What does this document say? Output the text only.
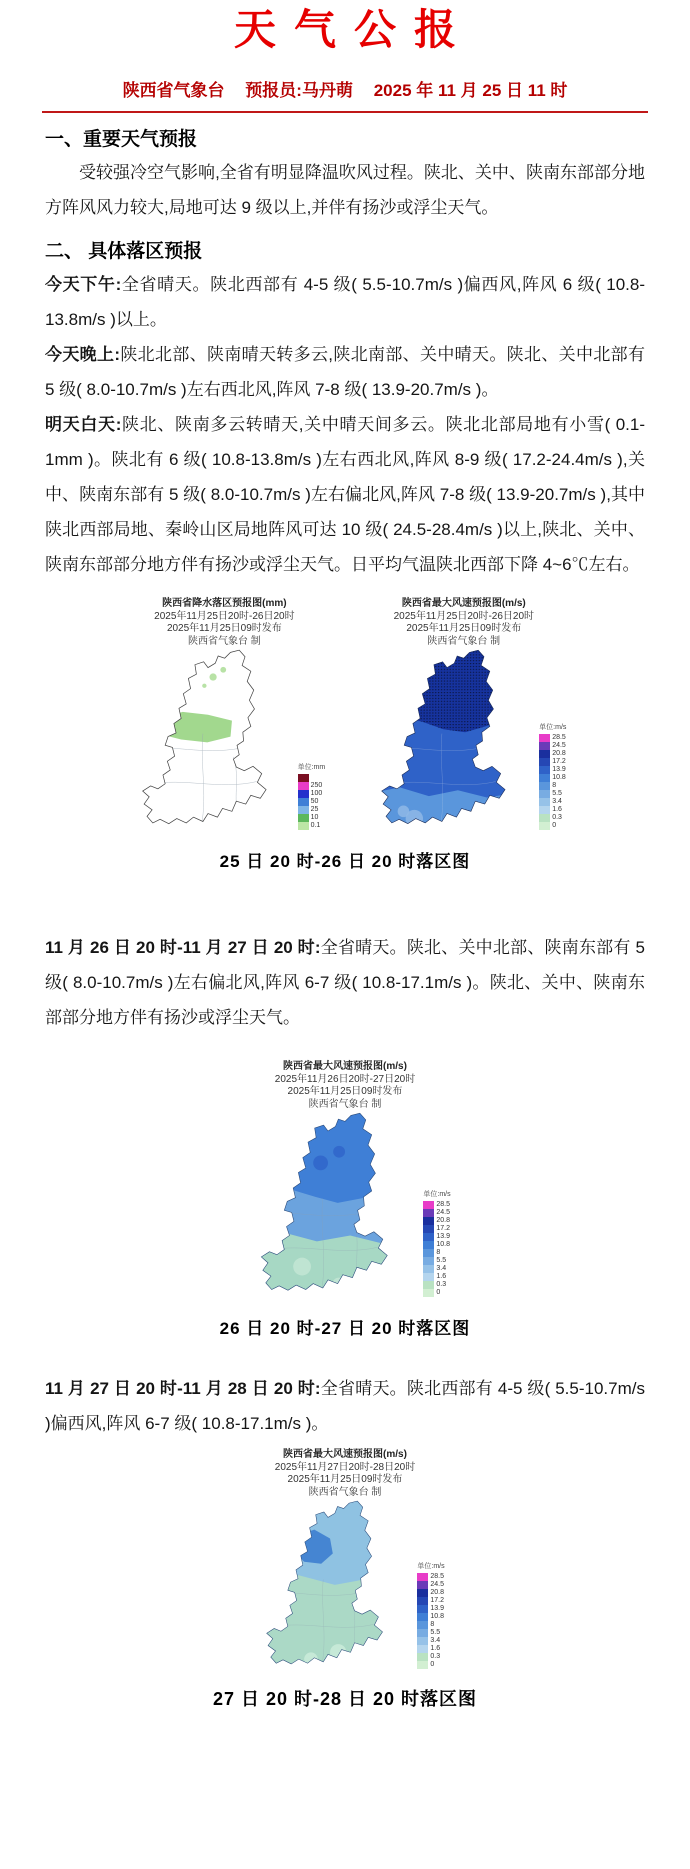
天气公报
陕西省气象台 预报员:马丹萌 2025 年 11 月 25 日 11 时
一、重要天气预报

受较强冷空气影响,全省有明显降温吹风过程。陕北、关中、陕南东部部分地方阵风风力较大,局地可达 9 级以上,并伴有扬沙或浮尘天气。

二、 具体落区预报

今天下午:全省晴天。陕北西部有 4-5 级( 5.5-10.7m/s )偏西风,阵风 6 级( 10.8-13.8m/s )以上。

今天晚上:陕北北部、陕南晴天转多云,陕北南部、关中晴天。陕北、关中北部有 5 级( 8.0-10.7m/s )左右西北风,阵风 7-8 级( 13.9-20.7m/s )。

明天白天:陕北、陕南多云转晴天,关中晴天间多云。陕北北部局地有小雪( 0.1-1mm )。陕北有 6 级( 10.8-13.8m/s )左右西北风,阵风 8-9 级( 17.2-24.4m/s ),关中、陕南东部有 5 级( 8.0-10.7m/s )左右偏北风,阵风 7-8 级( 13.9-20.7m/s ),其中陕北西部局地、秦岭山区局地阵风可达 10 级( 24.5-28.4m/s )以上,陕北、关中、陕南东部部分地方伴有扬沙或浮尘天气。日平均气温陕北西部下降 4~6℃左右。

陕西省降水落区预报图(mm)
2025年11月25日20时-26日20时
2025年11月25日09时发布
陕西省气象台 制
单位:mm
250
100
50
25
10
0.1
陕西省最大风速预报图(m/s)
2025年11月25日20时-26日20时
2025年11月25日09时发布
陕西省气象台 制
单位:m/s
28.5
24.5
20.8
17.2
13.9
10.8
8
5.5
3.4
1.6
0.3
0
25 日 20 时-26 日 20 时落区图

11 月 26 日 20 时-11 月 27 日 20 时:全省晴天。陕北、关中北部、陕南东部有 5 级( 8.0-10.7m/s )左右偏北风,阵风 6-7 级( 10.8-17.1m/s )。陕北、关中、陕南东部部分地方伴有扬沙或浮尘天气。

陕西省最大风速预报图(m/s)
2025年11月26日20时-27日20时
2025年11月25日09时发布
陕西省气象台 制
单位:m/s
28.5
24.5
20.8
17.2
13.9
10.8
8
5.5
3.4
1.6
0.3
0
26 日 20 时-27 日 20 时落区图

11 月 27 日 20 时-11 月 28 日 20 时:全省晴天。陕北西部有 4-5 级( 5.5-10.7m/s )偏西风,阵风 6-7 级( 10.8-17.1m/s )。

陕西省最大风速预报图(m/s)
2025年11月27日20时-28日20时
2025年11月25日09时发布
陕西省气象台 制
单位:m/s
28.5
24.5
20.8
17.2
13.9
10.8
8
5.5
3.4
1.6
0.3
0
27 日 20 时-28 日 20 时落区图
